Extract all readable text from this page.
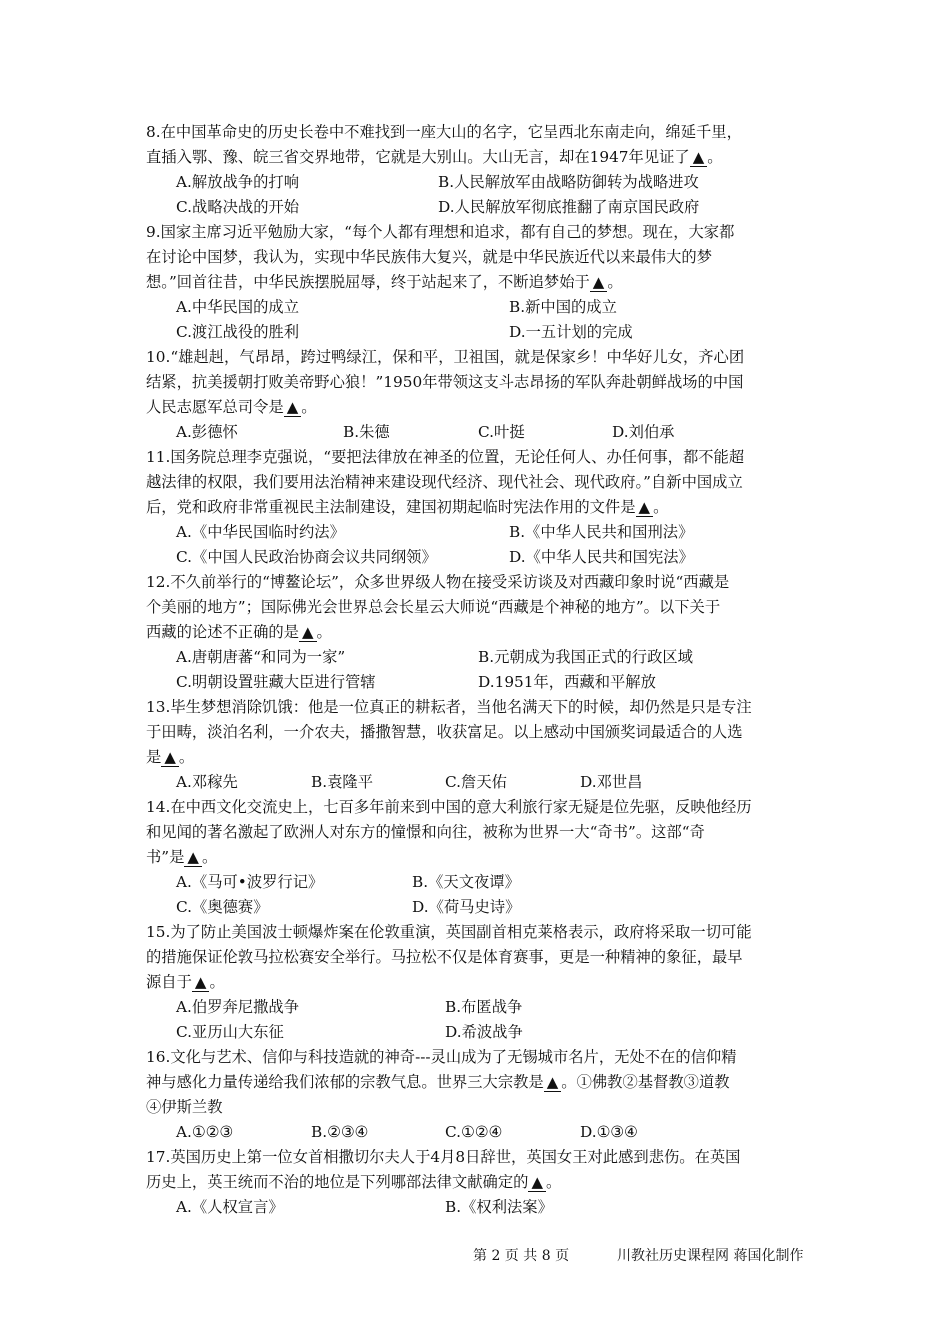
8.在中国革命史的历史长卷中不难找到一座大山的名字，它呈西北东南走向，绵延千里，
直插入鄂、豫、皖三省交界地带，它就是大别山。大山无言，却在1947年见证了 ▲ 。
A.解放战争的打响	B.人民解放军由战略防御转为战略进攻
C.战略决战的开始	D.人民解放军彻底推翻了南京国民政府
9.国家主席习近平勉励大家，“每个人都有理想和追求，都有自己的梦想。现在，大家都
在讨论中国梦，我认为，实现中华民族伟大复兴，就是中华民族近代以来最伟大的梦
想。”回首往昔，中华民族摆脱屈辱，终于站起来了，不断追梦始于 ▲ 。
A.中华民国的成立	B.新中国的成立
C.渡江战役的胜利	D.一五计划的完成
10.“雄赳赳，气昂昂，跨过鸭绿江，保和平，卫祖国，就是保家乡！中华好儿女，齐心团
结紧，抗美援朝打败美帝野心狼！”1950年带领这支斗志昂扬的军队奔赴朝鲜战场的中国
人民志愿军总司令是 ▲ 。
A.彭德怀	B.朱德	C.叶挺	D.刘伯承
11.国务院总理李克强说，“要把法律放在神圣的位置，无论任何人、办任何事，都不能超
越法律的权限，我们要用法治精神来建设现代经济、现代社会、现代政府。”自新中国成立
后，党和政府非常重视民主法制建设，建国初期起临时宪法作用的文件是 ▲ 。
A.《中华民国临时约法》	B.《中华人民共和国刑法》
C.《中国人民政治协商会议共同纲领》	D.《中华人民共和国宪法》
12.不久前举行的“博鳌论坛”，众多世界级人物在接受采访谈及对西藏印象时说“西藏是
个美丽的地方”；国际佛光会世界总会长星云大师说“西藏是个神秘的地方”。以下关于
西藏的论述不正确的是 ▲ 。
A.唐朝唐蕃“和同为一家”	B.元朝成为我国正式的行政区域
C.明朝设置驻藏大臣进行管辖	D.1951年，西藏和平解放
13.毕生梦想消除饥饿：他是一位真正的耕耘者，当他名满天下的时候，却仍然是只是专注
于田畴，淡泊名利，一介农夫，播撒智慧，收获富足。以上感动中国颁奖词最适合的人选
是 ▲ 。
A.邓稼先	B.袁隆平	C.詹天佑	D.邓世昌
14.在中西文化交流史上，七百多年前来到中国的意大利旅行家无疑是位先驱，反映他经历
和见闻的著名激起了欧洲人对东方的憧憬和向往，被称为世界一大“奇书”。这部“奇
书”是 ▲ 。
A.《马可•波罗行记》	B.《天文夜谭》
C.《奥德赛》	D.《荷马史诗》
15.为了防止美国波士顿爆炸案在伦敦重演，英国副首相克莱格表示，政府将采取一切可能
的措施保证伦敦马拉松赛安全举行。马拉松不仅是体育赛事，更是一种精神的象征，最早
源自于 ▲ 。
A.伯罗奔尼撒战争	B.布匿战争
C.亚历山大东征	D.希波战争
16.文化与艺术、信仰与科技造就的神奇---灵山成为了无锡城市名片，无处不在的信仰精
神与感化力量传递给我们浓郁的宗教气息。世界三大宗教是 ▲ 。①佛教②基督教③道教
④伊斯兰教
A.①②③	B.②③④	C.①②④	D.①③④
17.英国历史上第一位女首相撒切尔夫人于4月8日辞世，英国女王对此感到悲伤。在英国
历史上，英王统而不治的地位是下列哪部法律文献确定的 ▲ 。
A.《人权宣言》	B.《权利法案》
第 2 页 共 8 页	川教社历史课程网 蒋国化制作
